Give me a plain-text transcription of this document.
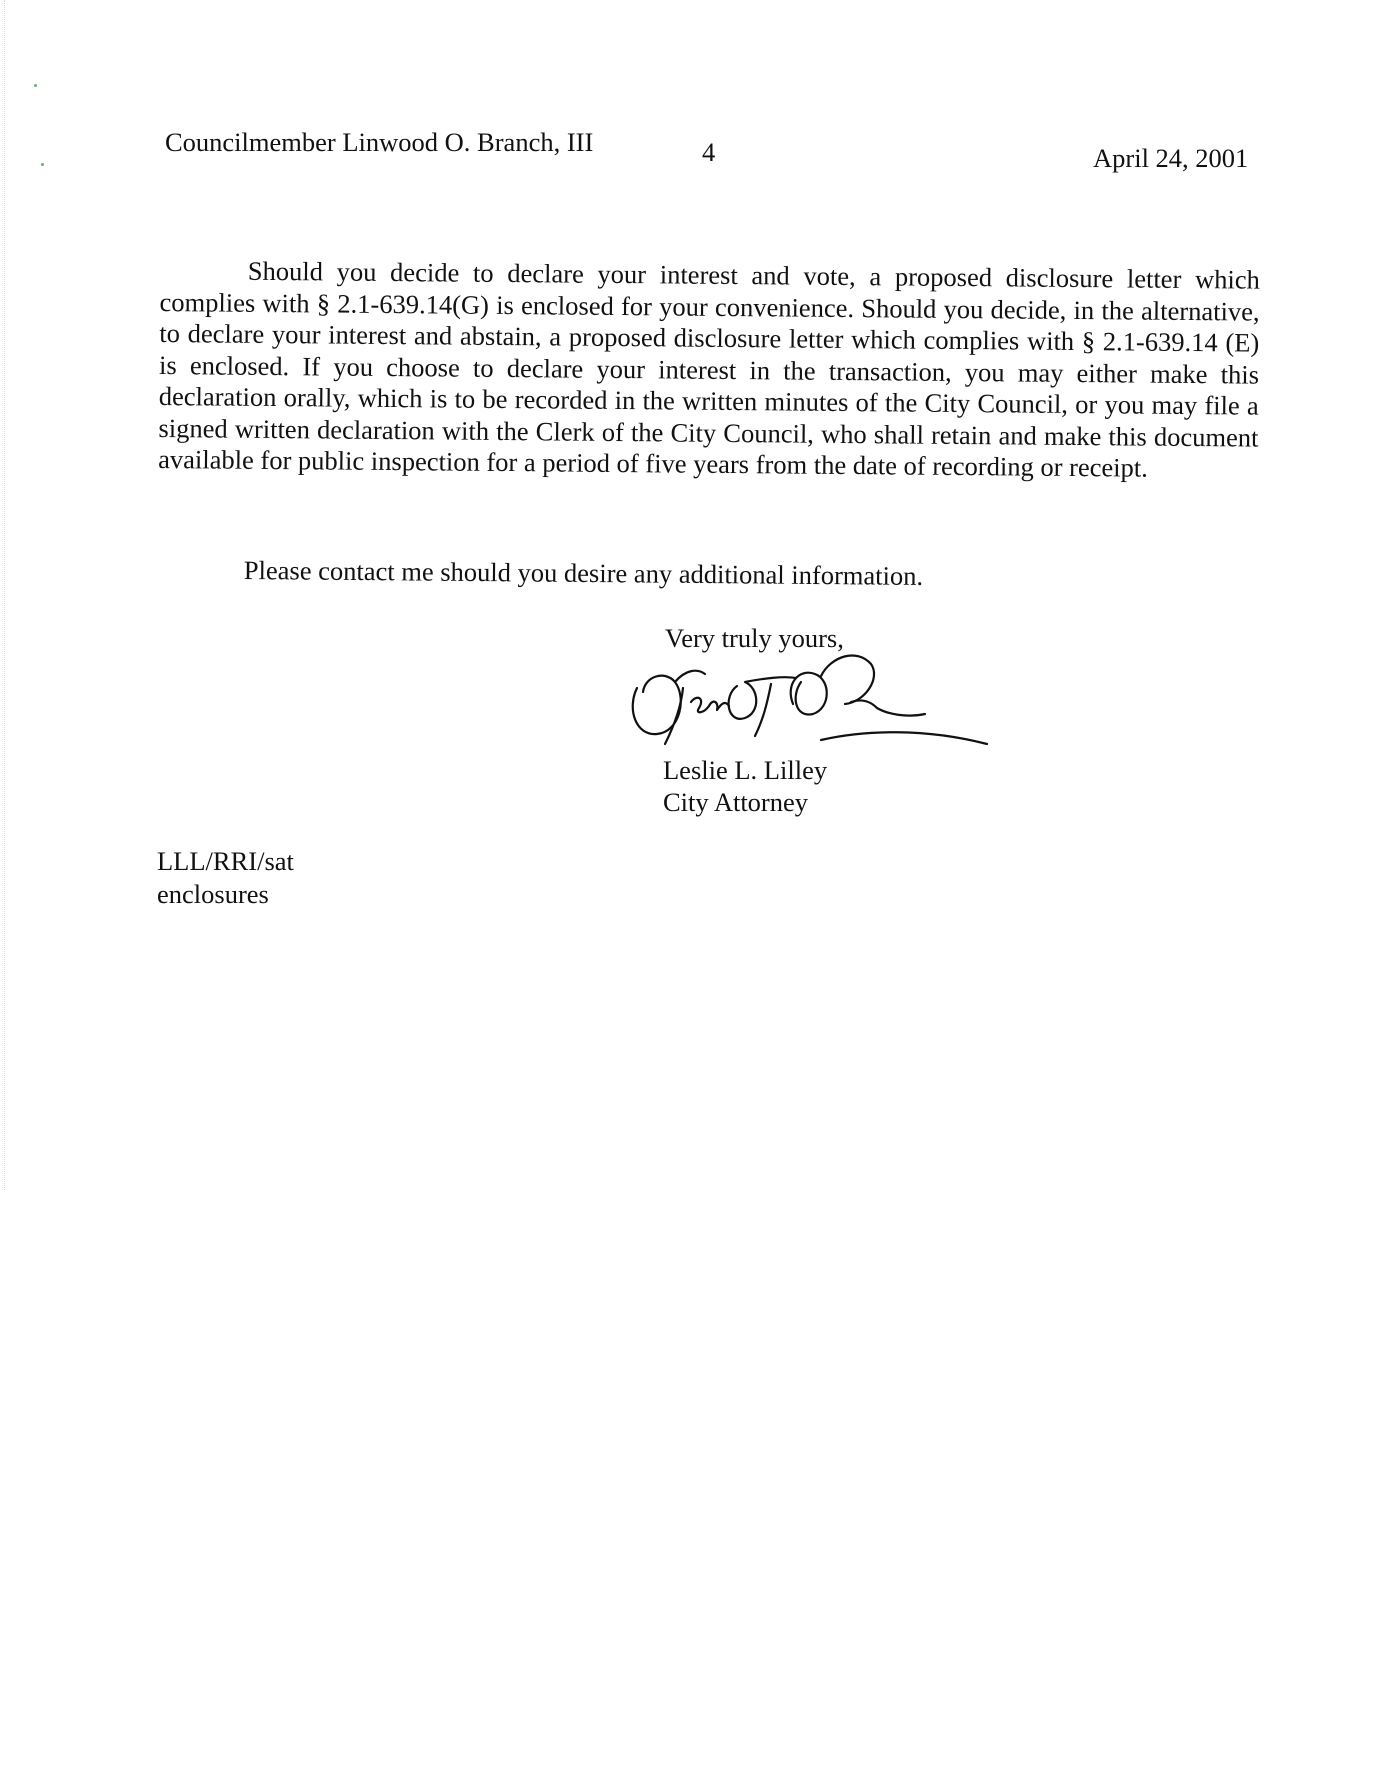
Councilmember Linwood O. Branch, III	4	April 24, 2001

Should you decide to declare your interest and vote, a proposed disclosure letter which complies with § 2.1-639.14(G) is enclosed for your convenience. Should you decide, in the alternative, to declare your interest and abstain, a proposed disclosure letter which complies with § 2.1-639.14 (E) is enclosed. If you choose to declare your interest in the transaction, you may either make this declaration orally, which is to be recorded in the written minutes of the City Council, or you may file a signed written declaration with the Clerk of the City Council, who shall retain and make this document available for public inspection for a period of five years from the date of recording or receipt.

Please contact me should you desire any additional information.
Very truly yours,
Leslie L. Lilley
City Attorney
LLL/RRI/sat
enclosures
